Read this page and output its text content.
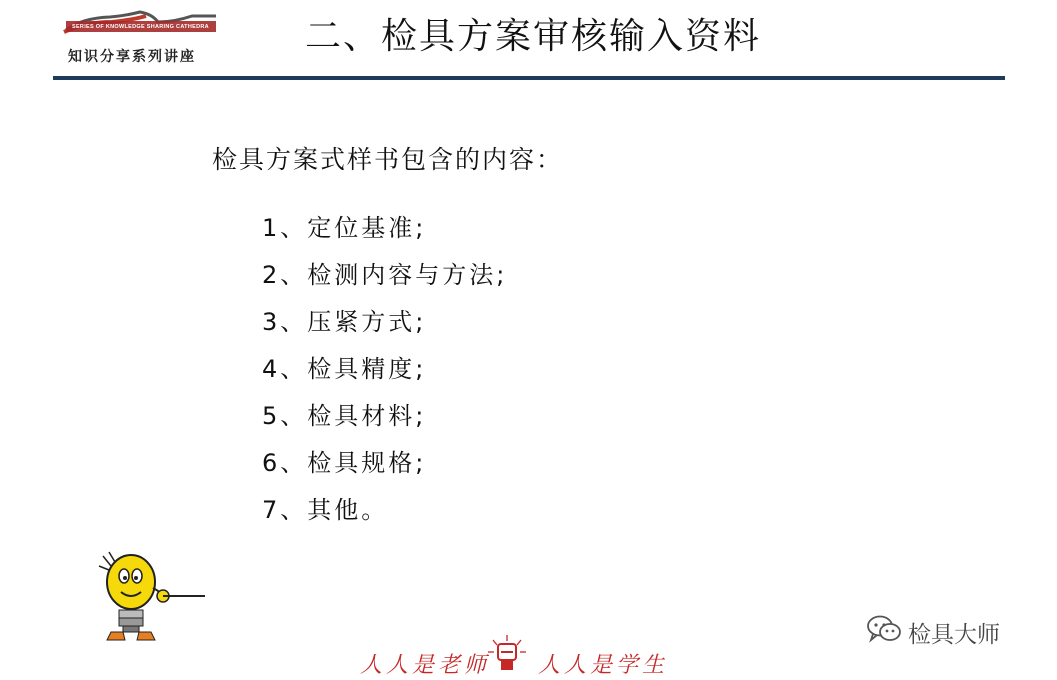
SERIES OF KNOWLEDGE SHARING CATHEDRA
知识分享系列讲座	二、检具方案审核输入资料
检具方案式样书包含的内容：
1、定位基准;
2、检测内容与方法;
3、压紧方式;
4、检具精度;
5、检具材料;
6、检具规格;
7、其他。
人人是老师 人人是学生
检具大师
